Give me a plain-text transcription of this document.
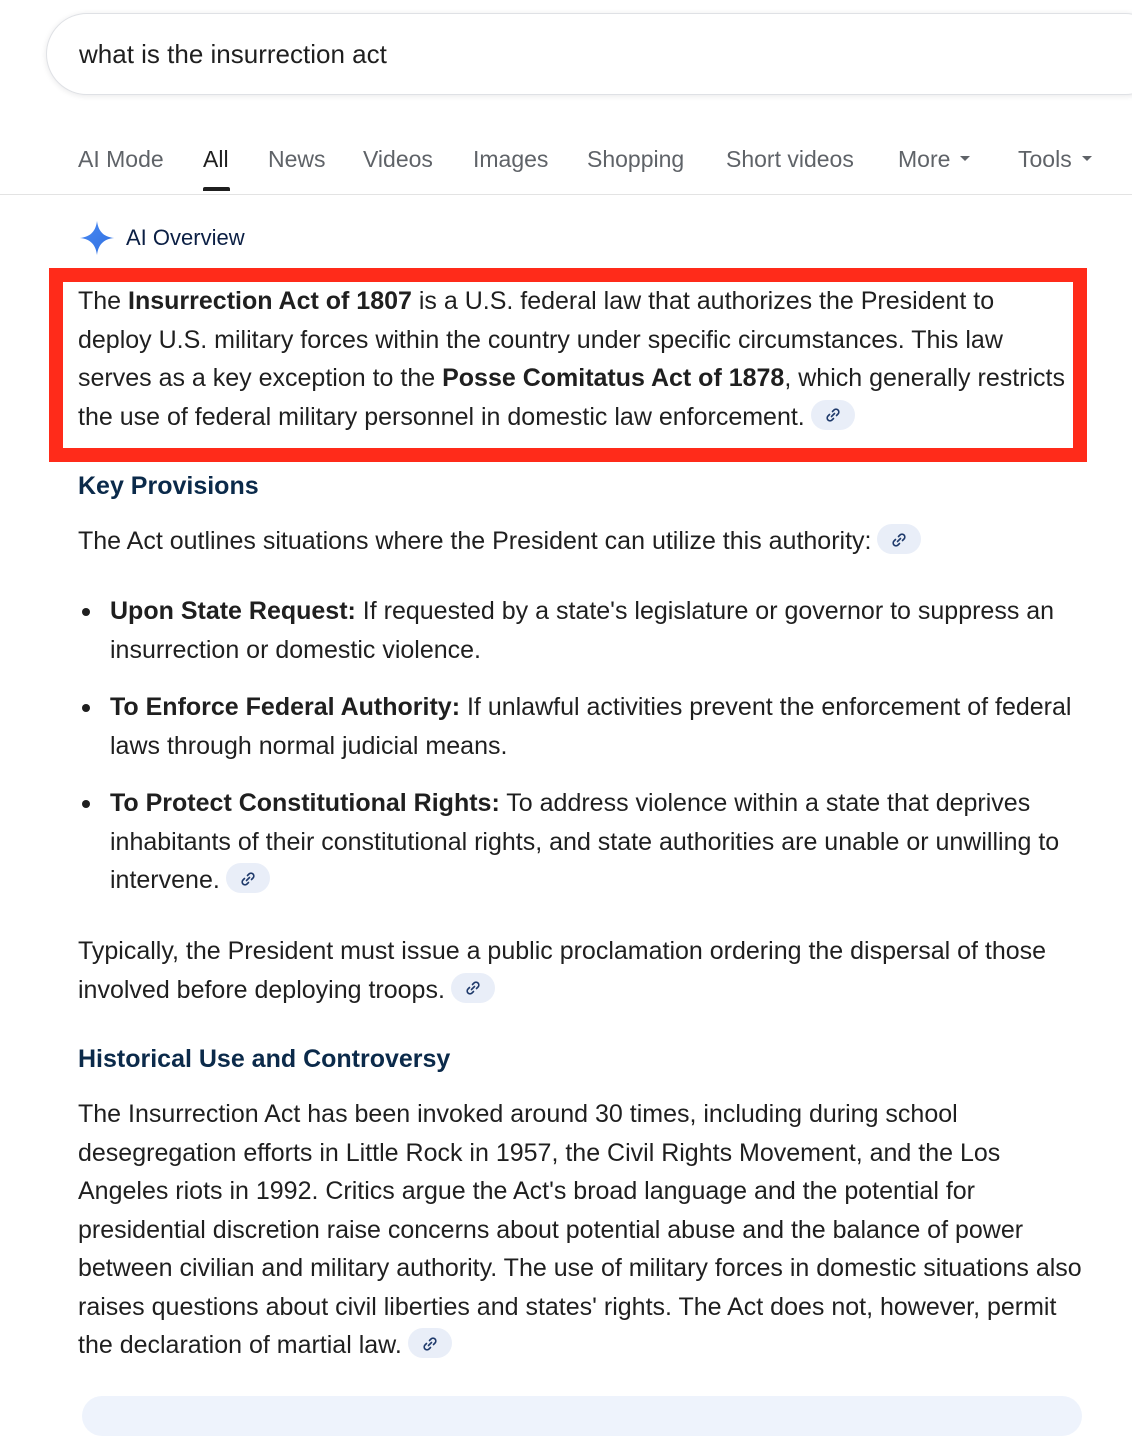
what is the insurrection act
AI Mode All News Videos Images Shopping Short videos More	Tools
AI Overview
The Insurrection Act of 1807 is a U.S. federal law that authorizes the President to deploy U.S. military forces within the country under specific circumstances. This law serves as a key exception to the Posse Comitatus Act of 1878, which generally restricts the use of federal military personnel in domestic law enforcement.
Key Provisions
The Act outlines situations where the President can utilize this authority:
Upon State Request: If requested by a state's legislature or governor to suppress an insurrection or domestic violence.
To Enforce Federal Authority: If unlawful activities prevent the enforcement of federal laws through normal judicial means.
To Protect Constitutional Rights: To address violence within a state that deprives inhabitants of their constitutional rights, and state authorities are unable or unwilling to intervene.
Typically, the President must issue a public proclamation ordering the dispersal of those involved before deploying troops.
Historical Use and Controversy
The Insurrection Act has been invoked around 30 times, including during school desegregation efforts in Little Rock in 1957, the Civil Rights Movement, and the Los Angeles riots in 1992. Critics argue the Act's broad language and the potential for presidential discretion raise concerns about potential abuse and the balance of power between civilian and military authority. The use of military forces in domestic situations also raises questions about civil liberties and states' rights. The Act does not, however, permit the declaration of martial law.
